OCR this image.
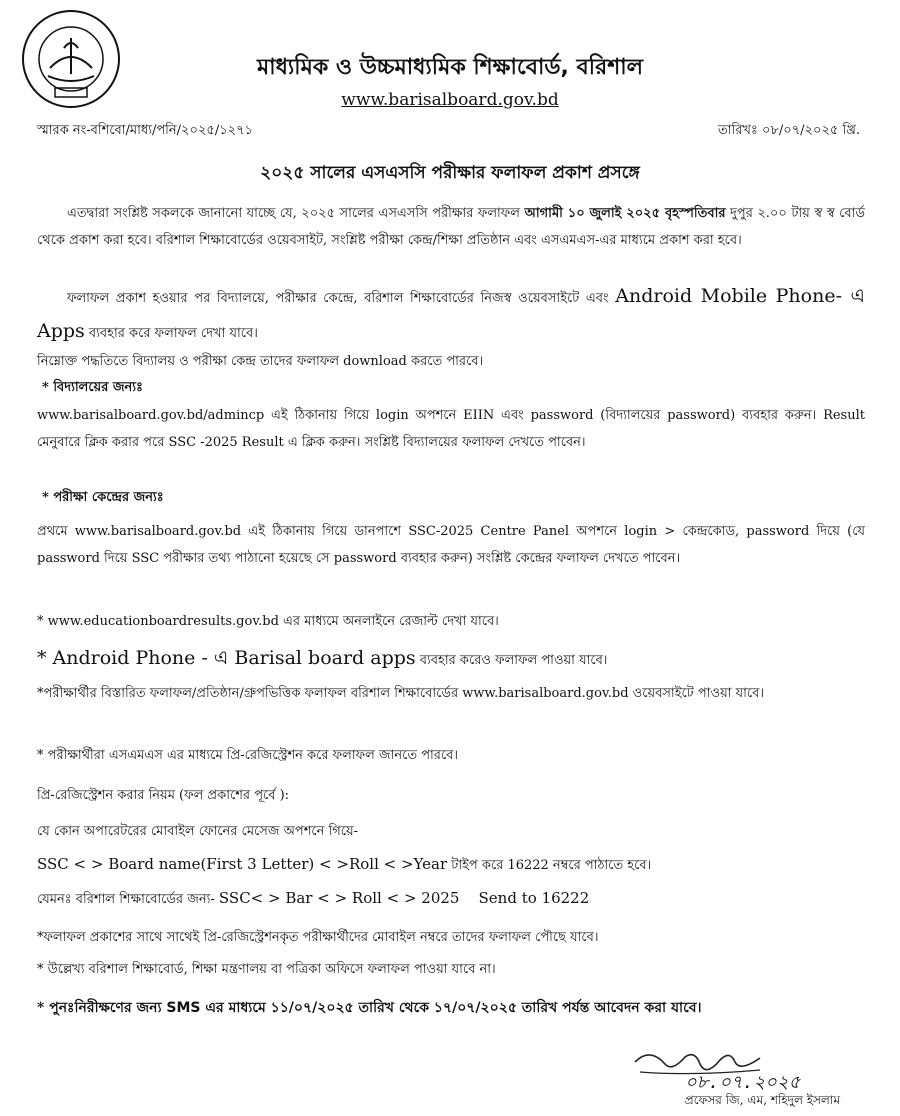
মাধ্যমিক ও উচ্চমাধ্যমিক শিক্ষাবোর্ড, বরিশাল
www.barisalboard.gov.bd
স্মারক নং-বশিবো/মাধ্য/পনি/২০২৫/১২৭১	তারিখঃ ০৮/০৭/২০২৫ খ্রি.
২০২৫ সালের এসএসসি পরীক্ষার ফলাফল প্রকাশ প্রসঙ্গে
এতদ্বারা সংশ্লিষ্ট সকলকে জানানো যাচ্ছে যে, ২০২৫ সালের এসএসসি পরীক্ষার ফলাফল আগামী ১০ জুলাই ২০২৫ বৃহস্পতিবার দুপুর ২.০০ টায় স্ব স্ব বোর্ড থেকে প্রকাশ করা হবে। বরিশাল শিক্ষাবোর্ডের ওয়েবসাইট, সংশ্লিষ্ট পরীক্ষা কেন্দ্র/শিক্ষা প্রতিষ্ঠান এবং এসএমএস-এর মাধ্যমে প্রকাশ করা হবে।
ফলাফল প্রকাশ হওয়ার পর বিদ্যালয়ে, পরীক্ষার কেন্দ্রে, বরিশাল শিক্ষাবোর্ডের নিজস্ব ওয়েবসাইটে এবং Android Mobile Phone- এ Apps ব্যবহার করে ফলাফল দেখা যাবে।
নিম্নোক্ত পদ্ধতিতে বিদ্যালয় ও পরীক্ষা কেন্দ্র তাদের ফলাফল download করতে পারবে।
* বিদ্যালয়ের জন্যঃ
www.barisalboard.gov.bd/admincp এই ঠিকানায় গিয়ে login অপশনে EIIN এবং password (বিদ্যালয়ের password) ব্যবহার করুন। Result মেনুবারে ক্লিক করার পরে SSC -2025 Result এ ক্লিক করুন। সংশ্লিষ্ট বিদ্যালয়ের ফলাফল দেখতে পাবেন।
* পরীক্ষা কেন্দ্রের জন্যঃ
প্রথমে www.barisalboard.gov.bd এই ঠিকানায় গিয়ে ডানপাশে SSC-2025 Centre Panel অপশনে login > কেন্দ্রকোড, password দিয়ে (যে password দিয়ে SSC পরীক্ষার তথ্য পাঠানো হয়েছে সে password ব্যবহার করুন) সংশ্লিষ্ট কেন্দ্রের ফলাফল দেখতে পাবেন।
* www.educationboardresults.gov.bd এর মাধ্যমে অনলাইনে রেজাল্ট দেখা যাবে।
* Android Phone - এ Barisal board apps ব্যবহার করেও ফলাফল পাওয়া যাবে।
*পরীক্ষার্থীর বিস্তারিত ফলাফল/প্রতিষ্ঠান/গ্রুপভিত্তিক ফলাফল বরিশাল শিক্ষাবোর্ডের www.barisalboard.gov.bd ওয়েবসাইটে পাওয়া যাবে।
* পরীক্ষার্থীরা এসএমএস এর মাধ্যমে প্রি-রেজিস্ট্রেশন করে ফলাফল জানতে পারবে।
প্রি-রেজিস্ট্রেশন করার নিয়ম (ফল প্রকাশের পূর্বে ):
যে কোন অপারেটরের মোবাইল ফোনের মেসেজ অপশনে গিয়ে-
SSC < > Board name(First 3 Letter) < >Roll < >Year টাইপ করে 16222 নম্বরে পাঠাতে হবে।
যেমনঃ বরিশাল শিক্ষাবোর্ডের জন্য- SSC< > Bar < > Roll < > 2025    Send to 16222
*ফলাফল প্রকাশের সাথে সাথেই প্রি-রেজিস্ট্রেশনকৃত পরীক্ষার্থীদের মোবাইল নম্বরে তাদের ফলাফল পৌছে যাবে।
* উল্লেখ্য বরিশাল শিক্ষাবোর্ড, শিক্ষা মন্ত্রণালয় বা পত্রিকা অফিসে ফলাফল পাওয়া যাবে না।
* পুনঃনিরীক্ষণের জন্য SMS এর মাধ্যমে ১১/০৭/২০২৫ তারিখ থেকে ১৭/০৭/২০২৫ তারিখ পর্যন্ত আবেদন করা যাবে।
০৮.০৭.২০২৫
প্রফেসর জি, এম, শহিদুল ইসলাম
